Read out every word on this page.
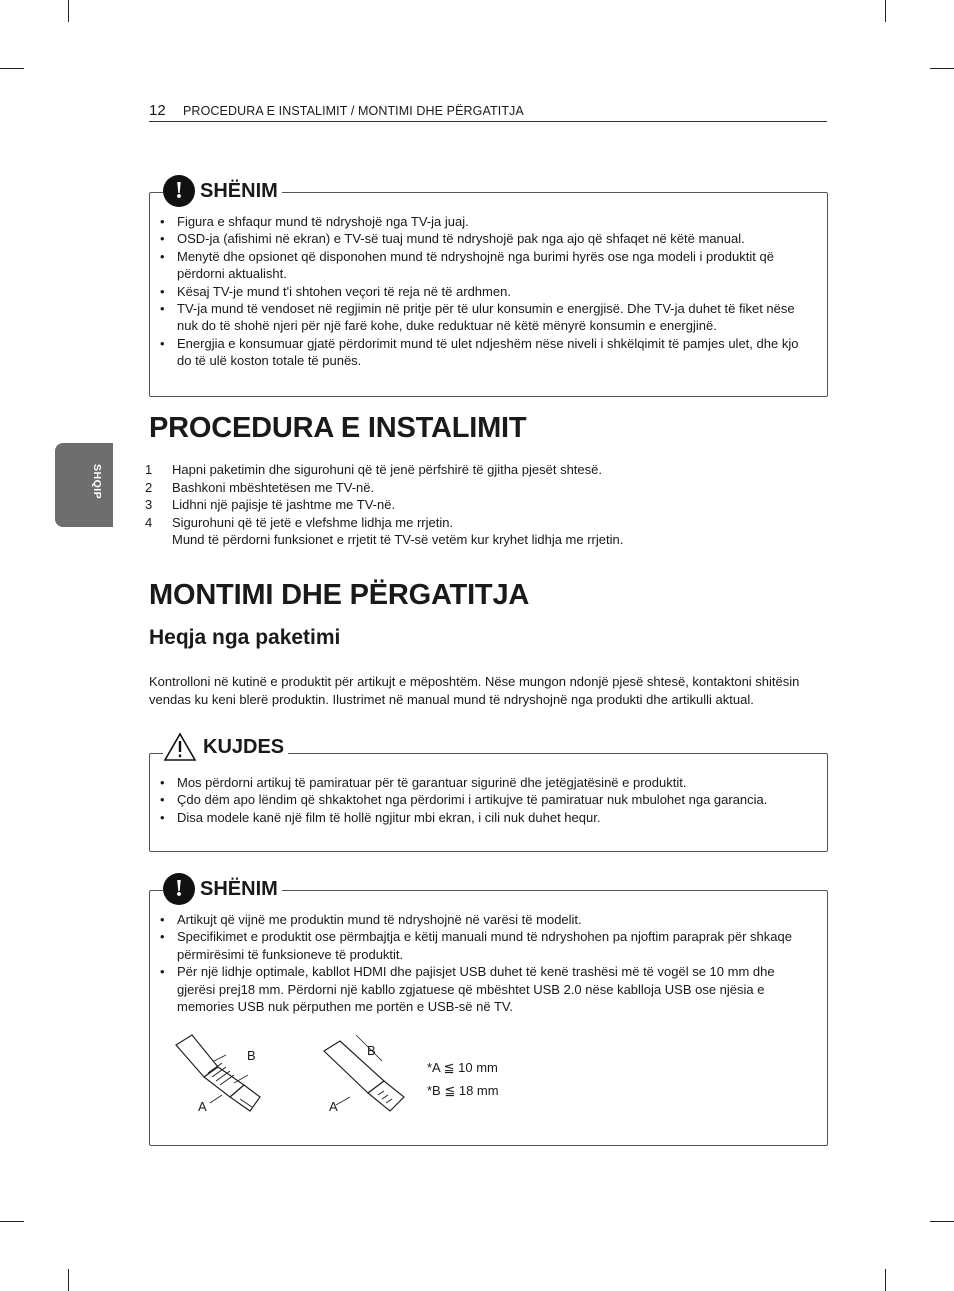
12 PROCEDURA E INSTALIMIT / MONTIMI DHE PËRGATITJA
SHQIP
! SHËNIM
• Figura e shfaqur mund të ndryshojë nga TV-ja juaj.
• OSD-ja (afishimi në ekran) e TV-së tuaj mund të ndryshojë pak nga ajo që shfaqet në këtë manual.
• Menytë dhe opsionet që disponohen mund të ndryshojnë nga burimi hyrës ose nga modeli i produktit që përdorni aktualisht.
• Kësaj TV-je mund t'i shtohen veçori të reja në të ardhmen.
• TV-ja mund të vendoset në regjimin në pritje për të ulur konsumin e energjisë. Dhe TV-ja duhet të fiket nëse nuk do të shohë njeri për një farë kohe, duke reduktuar në këtë mënyrë konsumin e energjinë.
• Energjia e konsumuar gjatë përdorimit mund të ulet ndjeshëm nëse niveli i shkëlqimit të pamjes ulet, dhe kjo do të ulë koston totale të punës.
PROCEDURA E INSTALIMIT
1 Hapni paketimin dhe sigurohuni që të jenë përfshirë të gjitha pjesët shtesë.
2 Bashkoni mbështetësen me TV-në.
3 Lidhni një pajisje të jashtme me TV-në.
4 Sigurohuni që të jetë e vlefshme lidhja me rrjetin.
Mund të përdorni funksionet e rrjetit të TV-së vetëm kur kryhet lidhja me rrjetin.
MONTIMI DHE PËRGATITJA
Heqja nga paketimi
Kontrolloni në kutinë e produktit për artikujt e mëposhtëm. Nëse mungon ndonjë pjesë shtesë, kontaktoni shitësin vendas ku keni blerë produktin. Ilustrimet në manual mund të ndryshojnë nga produkti dhe artikulli aktual.
KUJDES
• Mos përdorni artikuj të pamiratuar për të garantuar sigurinë dhe jetëgjatësinë e produktit.
• Çdo dëm apo lëndim që shkaktohet nga përdorimi i artikujve të pamiratuar nuk mbulohet nga garancia.
• Disa modele kanë një film të hollë ngjitur mbi ekran, i cili nuk duhet hequr.
! SHËNIM
• Artikujt që vijnë me produktin mund të ndryshojnë në varësi të modelit.
• Specifikimet e produktit ose përmbajtja e këtij manuali mund të ndryshohen pa njoftim paraprak për shkaqe përmirësimi të funksioneve të produktit.
• Për një lidhje optimale, kabllot HDMI dhe pajisjet USB duhet të kenë trashësi më të vogël se 10 mm dhe gjerësi prej18 mm. Përdorni një kabllo zgjatuese që mbështet USB 2.0 nëse kabllоja USB ose njësia e memories USB nuk përputhen me portën e USB-së në TV.
B
A
B
A
*A ≦ 10 mm
*B ≦ 18 mm
